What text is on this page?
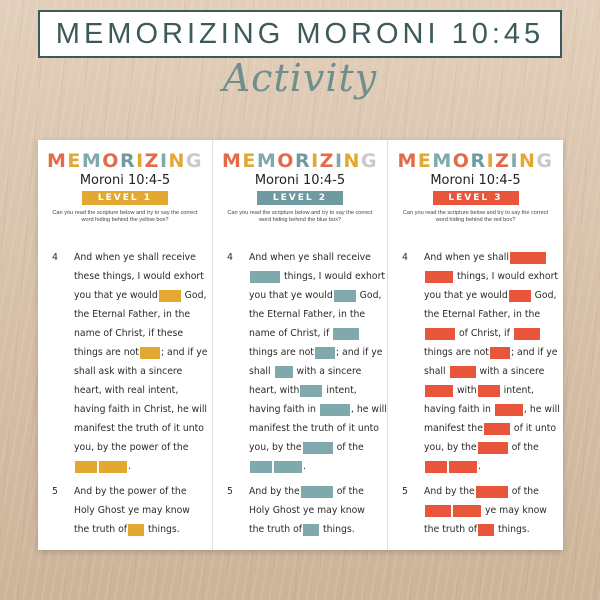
MEMORIZING MORONI 10:45
Activity
MEMORIZING
Moroni 10:4-5
LEVEL 1
Can you read the scripture below and try to say the correct word hiding behind the yellow box?
4 And when ye shall receive
these things, I would exhort
you that ye would	God,
the Eternal Father, in the
name of Christ, if these
things are not ; and if ye
shall ask with a sincere
heart, with real intent,
having faith in Christ, he will
manifest the truth of it unto
you, by the power of the
.
5 And by the power of the
Holy Ghost ye may know
the truth of things.
MEMORIZING
Moroni 10:4-5
LEVEL 2
Can you read the scripture below and try to say the correct word hiding behind the blue box?
4 And when ye shall receive
things, I would exhort
you that ye would	God,
the Eternal Father, in the
name of Christ, if
things are not ; and if ye
shall  with a sincere
heart, with	intent,
having faith in	, he will
manifest the truth of it unto
you, by the	of the
.
5 And by the	of the
Holy Ghost ye may know
the truth of things.
MEMORIZING
Moroni 10:4-5
LEVEL 3
Can you read the scripture below and try to say the correct word hiding behind the red box?
4 And when ye shall
things, I would exhort
you that ye would	God,
the Eternal Father, in the
of Christ, if
things are not ; and if ye
shall	with a sincere
with	intent,
having faith in	, he will
manifest the	of it unto
you, by the	of the
.
5 And by the	of the
ye may know
the truth of things.
